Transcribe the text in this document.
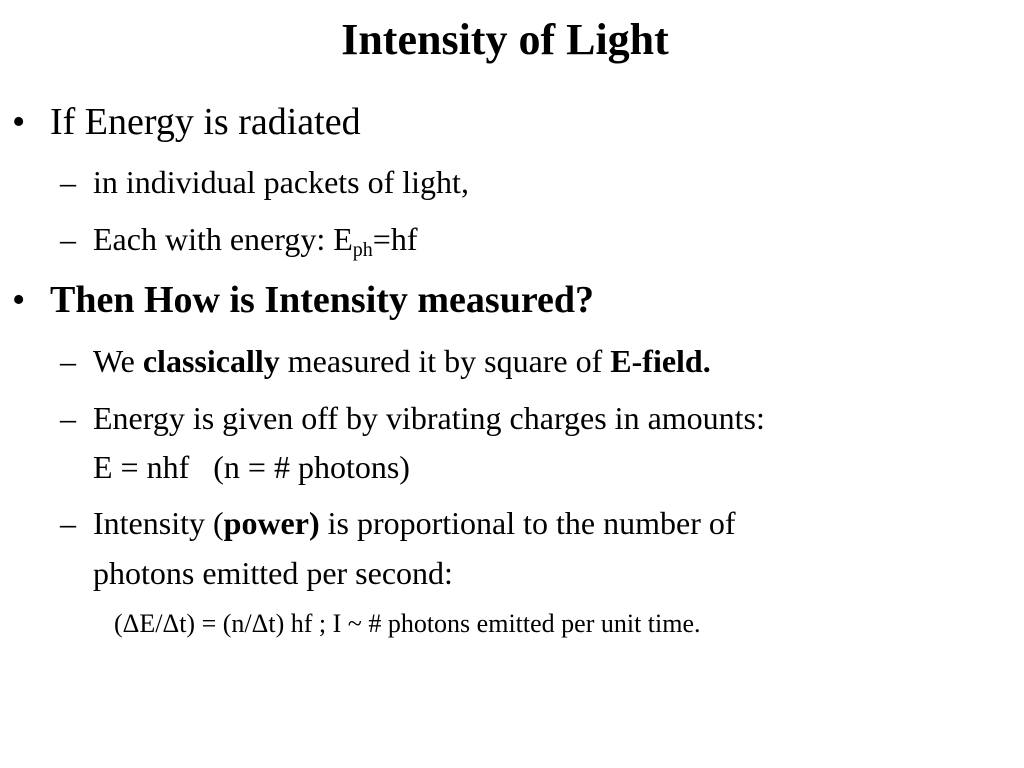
Intensity of Light
• If Energy is radiated
– in individual packets of light,
– Each with energy: $E_{ph}=hf$
• Then How is Intensity measured?
– We classically measured it by square of E-field.
– Energy is given off by vibrating charges in amounts:
E = nhf   (n = # photons)
– Intensity (power) is proportional to the number of
photons emitted per second:
(ΔE/Δt) = (n/Δt) hf ; I ~ # photons emitted per unit time.
